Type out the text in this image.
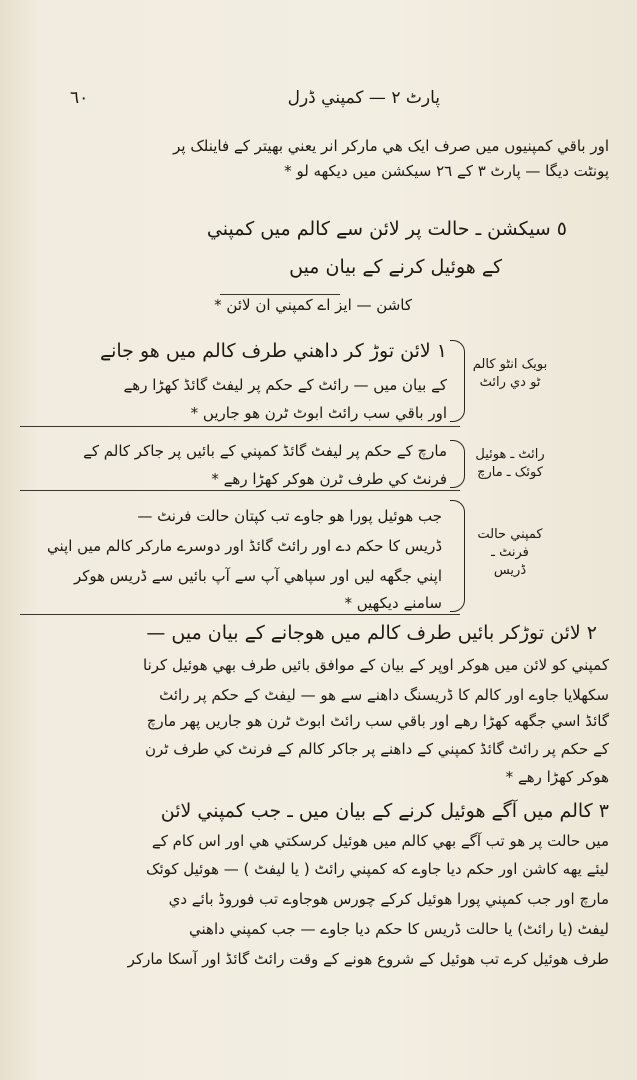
٦٠	پارٹ ٢ — کمپني ڈرل
اور باقي کمپنيوں ميں صرف ايک هي مارکر انر يعني بھيتر کے فاينلک پر
پونٹت ديگا — پارٹ ٣ کے ٢٦ سيکشن ميں ديکھه لو *
٥ سيکشن ـ حالت پر لائن سے کالم ميں کمپني
کے هوئيل کرنے کے بيان ميں
کاشن — ايز اے کمپني ان لائن *
١ لائن توڑ کر داهني طرف کالم ميں هو جانے
کے بيان ميں — رائٹ کے حکم پر ليفٹ گائڈ کھڑا رهے
اور باقي سب رائٹ ابوٹ ٹرن هو جاريں *
بويک انٹو کالم
ٹو دي رائٹ
مارچ کے حکم پر ليفٹ گائڈ کمپني کے بائيں پر جاکر کالم کے
فرنٹ کي طرف ٹرن هوکر کھڑا رهے *
رائٹ ـ هوئيل
کوئک ـ مارچ
جب هوئيل پورا هو جاوے تب کپتان حالت فرنٹ —
ڈريس کا حکم دے اور رائٹ گائڈ اور دوسرے مارکر کالم ميں اپني
اپني جگهه ليں اور سپاهي آپ سے آپ بائيں سے ڈريس هوکر
سامنے ديکھيں *
کمپني حالت
فرنٹ ـ
ڈريس
٢ لائن توڑکر بائيں طرف کالم ميں هوجانے کے بيان ميں —
کمپني کو لائن ميں هوکر اوپر کے بيان کے موافق بائيں طرف بھي هوئيل کرنا
سکھلايا جاوے اور کالم کا ڈريسنگ داهنے سے هو — ليفٹ کے حکم پر رائٹ
گائڈ اسي جگهه کھڑا رهے اور باقي سب رائٹ ابوٹ ٹرن هو جاريں پھر مارچ
کے حکم پر رائٹ گائڈ کمپني کے داهنے پر جاکر کالم کے فرنٹ کي طرف ٹرن
هوکر کھڑا رهے *
٣ کالم ميں آگے هوئيل کرنے کے بيان ميں ـ جب کمپني لائن
ميں حالت پر هو تب آگے بھي کالم ميں هوئيل کرسکتي هي اور اس کام کے
ليئے يهه کاشن اور حکم ديا جاوے که کمپني رائٹ ( يا ليفٹ ) — هوئيل کوئک
مارچ اور جب کمپني پورا هوئيل کرکے چورس هوجاوے تب فوروڈ بائے دي
ليفٹ (يا رائٹ) يا حالت ڈريس کا حکم ديا جاوے — جب کمپني داهني
طرف هوئيل کرے تب هوئيل کے شروع هونے کے وقت رائٹ گائڈ اور آسکا مارکر
